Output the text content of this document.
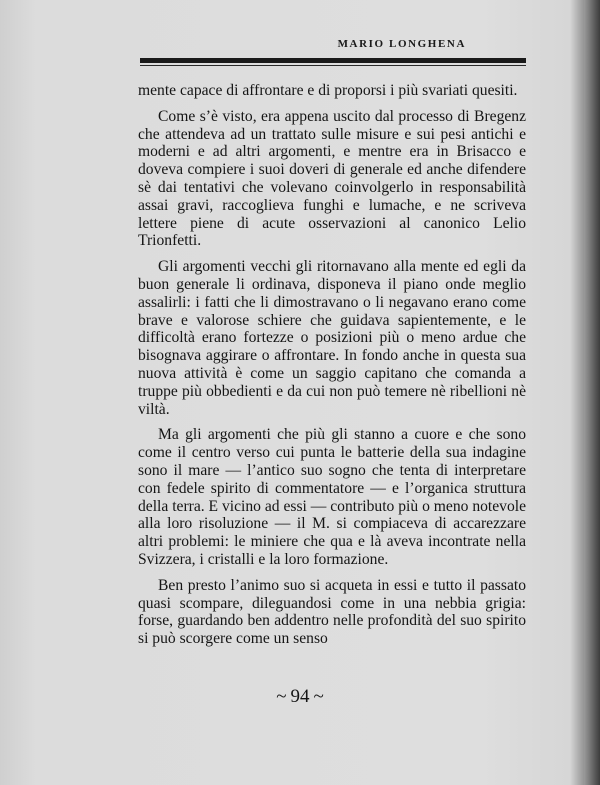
MARIO LONGHENA

mente capace di affrontare e di proporsi i più svariati quesiti.

Come s’è visto, era appena uscito dal processo di Bregenz che attendeva ad un trattato sulle misure e sui pesi antichi e moderni e ad altri argomenti, e mentre era in Brisacco e doveva compiere i suoi doveri di generale ed anche difendere sè dai tentativi che volevano coinvolgerlo in responsabilità assai gravi, raccoglieva funghi e lumache, e ne scriveva lettere piene di acute osservazioni al canonico Lelio Trionfetti.

Gli argomenti vecchi gli ritornavano alla mente ed egli da buon generale li ordinava, disponeva il piano onde meglio assalirli: i fatti che li dimostravano o li negavano erano come brave e valorose schiere che guidava sapientemente, e le difficoltà erano fortezze o posizioni più o meno ardue che bisognava aggirare o affrontare. In fondo anche in questa sua nuova attività è come un saggio capitano che comanda a truppe più obbedienti e da cui non può temere nè ribellioni nè viltà.

Ma gli argomenti che più gli stanno a cuore e che sono come il centro verso cui punta le batterie della sua indagine sono il mare — l’antico suo sogno che tenta di interpretare con fedele spirito di commentatore — e l’organica struttura della terra. E vicino ad essi — contributo più o meno notevole alla loro risoluzione — il M. si compiaceva di accarezzare altri problemi: le miniere che qua e là aveva incontrate nella Svizzera, i cristalli e la loro formazione.

Ben presto l’animo suo si acqueta in essi e tutto il passato quasi scompare, dileguandosi come in una nebbia grigia: forse, guardando ben addentro nelle profondità del suo spirito si può scorgere come un senso

~ 94 ~
